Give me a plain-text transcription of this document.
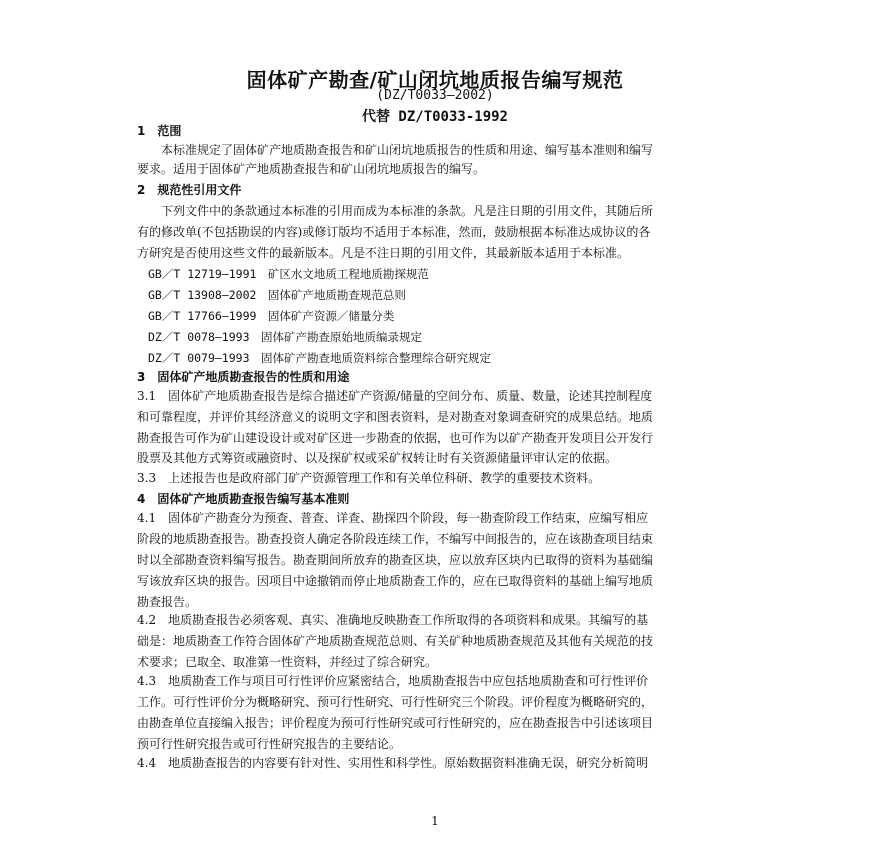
固体矿产勘查/矿山闭坑地质报告编写规范
(DZ/T0033—2002)
代替 DZ/T0033-1992
1　范围
本标准规定了固体矿产地质勘查报告和矿山闭坑地质报告的性质和用途、编写基本准则和编写
要求。适用于固体矿产地质勘查报告和矿山闭坑地质报告的编写。
2　规范性引用文件
下列文件中的条款通过本标准的引用而成为本标准的条款。凡是注日期的引用文件，其随后所
有的修改单(不包括勘误的内容)或修订版均不适用于本标准，然而，鼓励根据本标准达成协议的各
方研究是否使用这些文件的最新版本。凡是不注日期的引用文件，其最新版本适用于本标准。
GB／T 12719—1991　矿区水文地质工程地质勘探规范
GB／T 13908—2002　固体矿产地质勘查规范总则
GB／T 17766—1999　固体矿产资源／储量分类
DZ／T 0078—1993　固体矿产勘查原始地质编录规定
DZ／T 0079—1993　固体矿产勘查地质资料综合整理综合研究规定
3　固体矿产地质勘查报告的性质和用途
3.1　固体矿产地质勘查报告是综合描述矿产资源/储量的空间分布、质量、数量，论述其控制程度
和可靠程度，并评价其经济意义的说明文字和图表资料，是对勘查对象调查研究的成果总结。地质
勘查报告可作为矿山建设设计或对矿区进一步勘查的依据，也可作为以矿产勘查开发项目公开发行
股票及其他方式筹资或融资时、以及探矿权或采矿权转让时有关资源储量评审认定的依据。
3.3　上述报告也是政府部门矿产资源管理工作和有关单位科研、教学的重要技术资料。
4　固体矿产地质勘查报告编写基本准则
4.1　固体矿产勘查分为预查、普查、详查、勘探四个阶段，每一勘查阶段工作结束，应编写相应
阶段的地质勘查报告。勘查投资人确定各阶段连续工作，不编写中间报告的，应在该勘查项目结束
时以全部勘查资料编写报告。勘查期间所放弃的勘查区块，应以放弃区块内已取得的资料为基础编
写该放弃区块的报告。因项目中途撤销而停止地质勘查工作的，应在已取得资料的基础上编写地质
勘查报告。
4.2　地质勘查报告必须客观、真实、准确地反映勘查工作所取得的各项资料和成果。其编写的基
础是：地质勘查工作符合固体矿产地质勘查规范总则、有关矿种地质勘查规范及其他有关规范的技
术要求；已取全、取准第一性资料，并经过了综合研究。
4.3　地质勘查工作与项目可行性评价应紧密结合，地质勘查报告中应包括地质勘查和可行性评价
工作。可行性评价分为概略研究、预可行性研究、可行性研究三个阶段。评价程度为概略研究的，
由勘查单位直接编入报告；评价程度为预可行性研究或可行性研究的，应在勘查报告中引述该项目
预可行性研究报告或可行性研究报告的主要结论。
4.4　地质勘查报告的内容要有针对性、实用性和科学性。原始数据资料准确无误，研究分析简明
1
